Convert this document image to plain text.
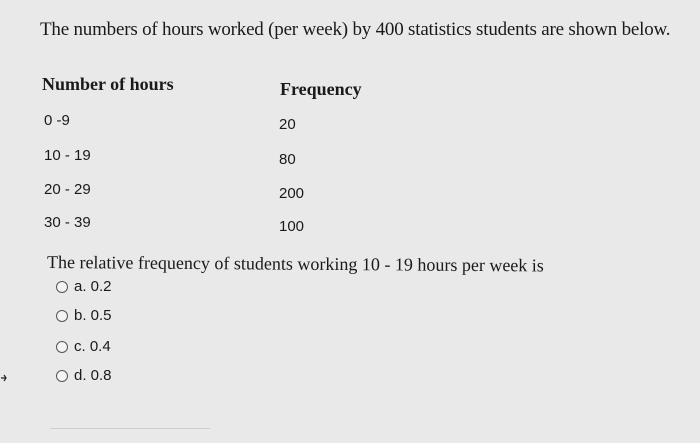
The numbers of hours worked (per week) by 400 statistics students are shown below.
Number of hours	Frequency
0 -9	20
10 - 19	80
20 - 29	200
30 - 39	100
The relative frequency of students working 10 - 19 hours per week is
a. 0.2
b. 0.5
c. 0.4
d. 0.8
